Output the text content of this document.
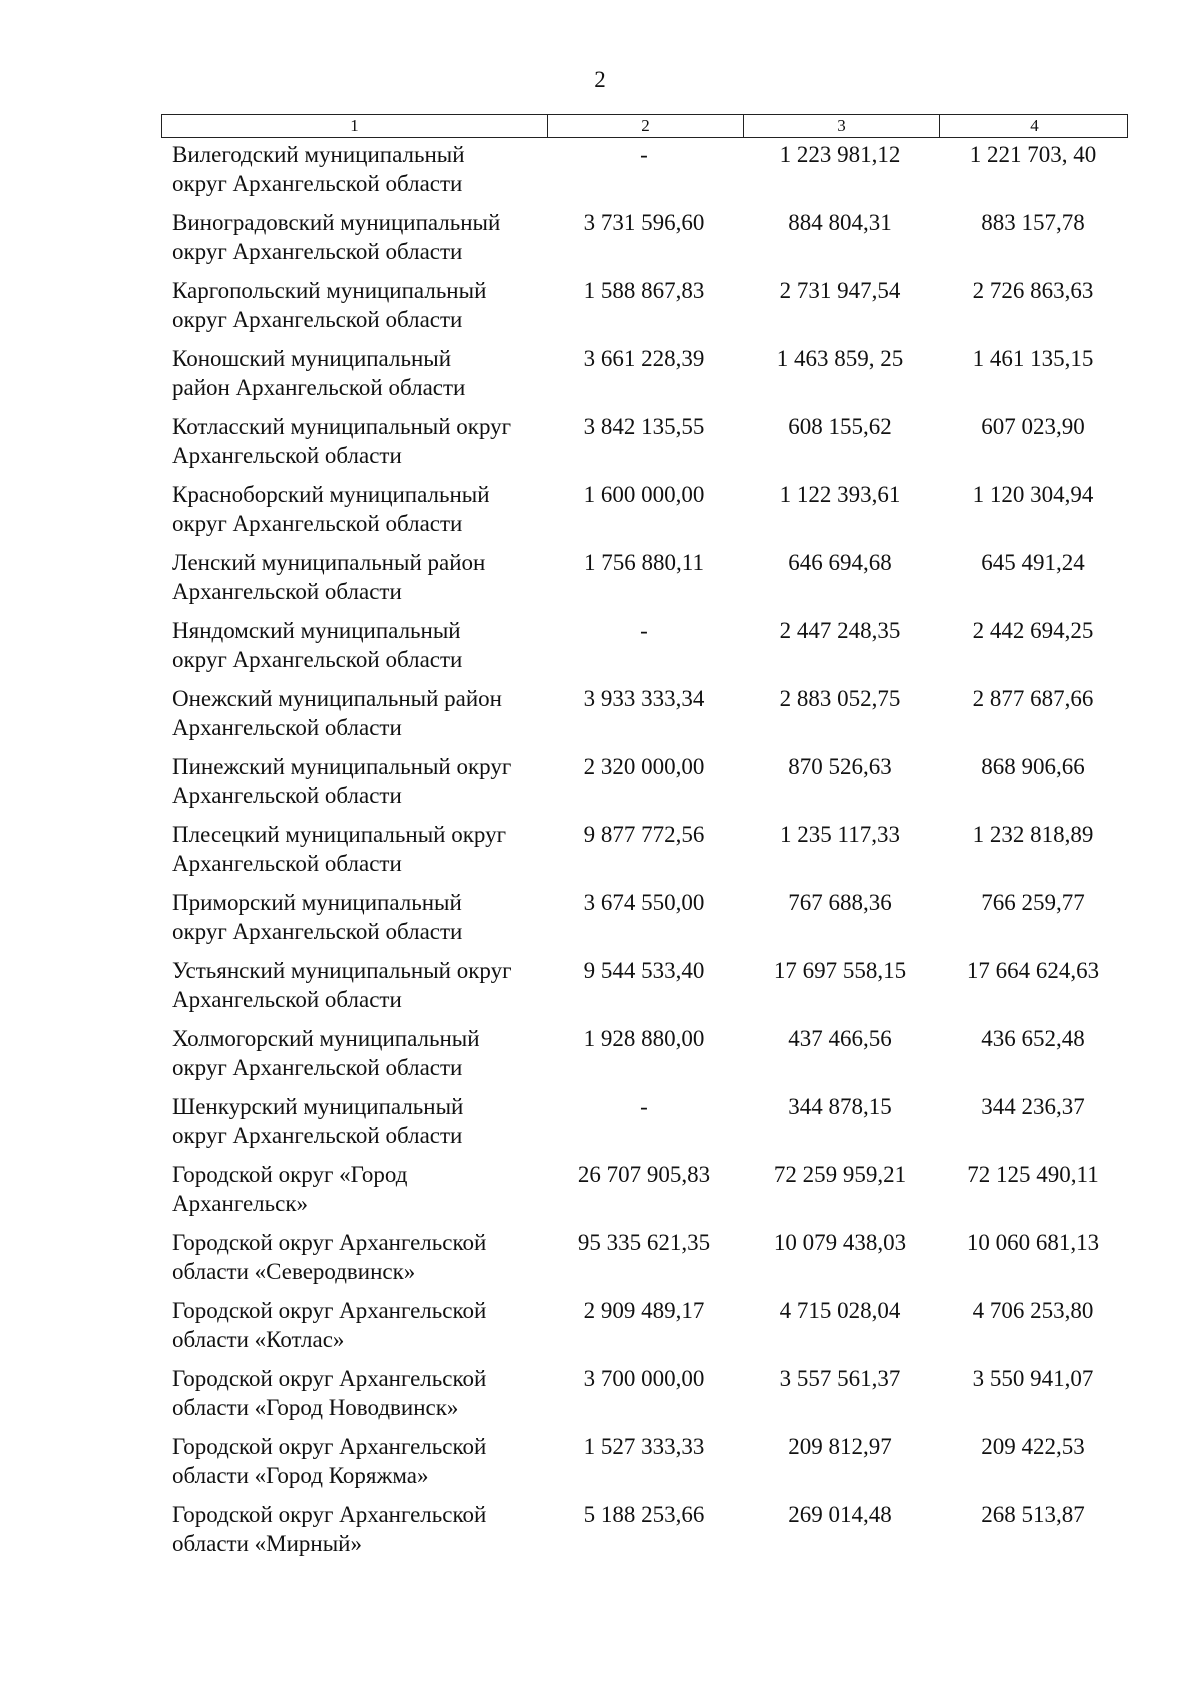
2
1	2	3	4
Вилегодский муниципальный
округ Архангельской области
-	1 223 981,12	1 221 703, 40
Виноградовский муниципальный
округ Архангельской области
3 731 596,60	884 804,31	883 157,78
Каргопольский муниципальный
округ Архангельской области
1 588 867,83	2 731 947,54	2 726 863,63
Коношский муниципальный
район Архангельской области
3 661 228,39	1 463 859, 25	1 461 135,15
Котласский муниципальный округ
Архангельской области
3 842 135,55	608 155,62	607 023,90
Красноборский муниципальный
округ Архангельской области
1 600 000,00	1 122 393,61	1 120 304,94
Ленский муниципальный район
Архангельской области
1 756 880,11	646 694,68	645 491,24
Няндомский муниципальный
округ Архангельской области
-	2 447 248,35	2 442 694,25
Онежский муниципальный район
Архангельской области
3 933 333,34	2 883 052,75	2 877 687,66
Пинежский муниципальный округ
Архангельской области
2 320 000,00	870 526,63	868 906,66
Плесецкий муниципальный округ
Архангельской области
9 877 772,56	1 235 117,33	1 232 818,89
Приморский муниципальный
округ Архангельской области
3 674 550,00	767 688,36	766 259,77
Устьянский муниципальный округ
Архангельской области
9 544 533,40	17 697 558,15	17 664 624,63
Холмогорский муниципальный
округ Архангельской области
1 928 880,00	437 466,56	436 652,48
Шенкурский муниципальный
округ Архангельской области
-	344 878,15	344 236,37
Городской округ «Город
Архангельск»
26 707 905,83	72 259 959,21	72 125 490,11
Городской округ Архангельской
области «Северодвинск»
95 335 621,35	10 079 438,03	10 060 681,13
Городской округ Архангельской
области «Котлас»
2 909 489,17	4 715 028,04	4 706 253,80
Городской округ Архангельской
области «Город Новодвинск»
3 700 000,00	3 557 561,37	3 550 941,07
Городской округ Архангельской
области «Город Коряжма»
1 527 333,33	209 812,97	209 422,53
Городской округ Архангельской
области «Мирный»
5 188 253,66	269 014,48	268 513,87
